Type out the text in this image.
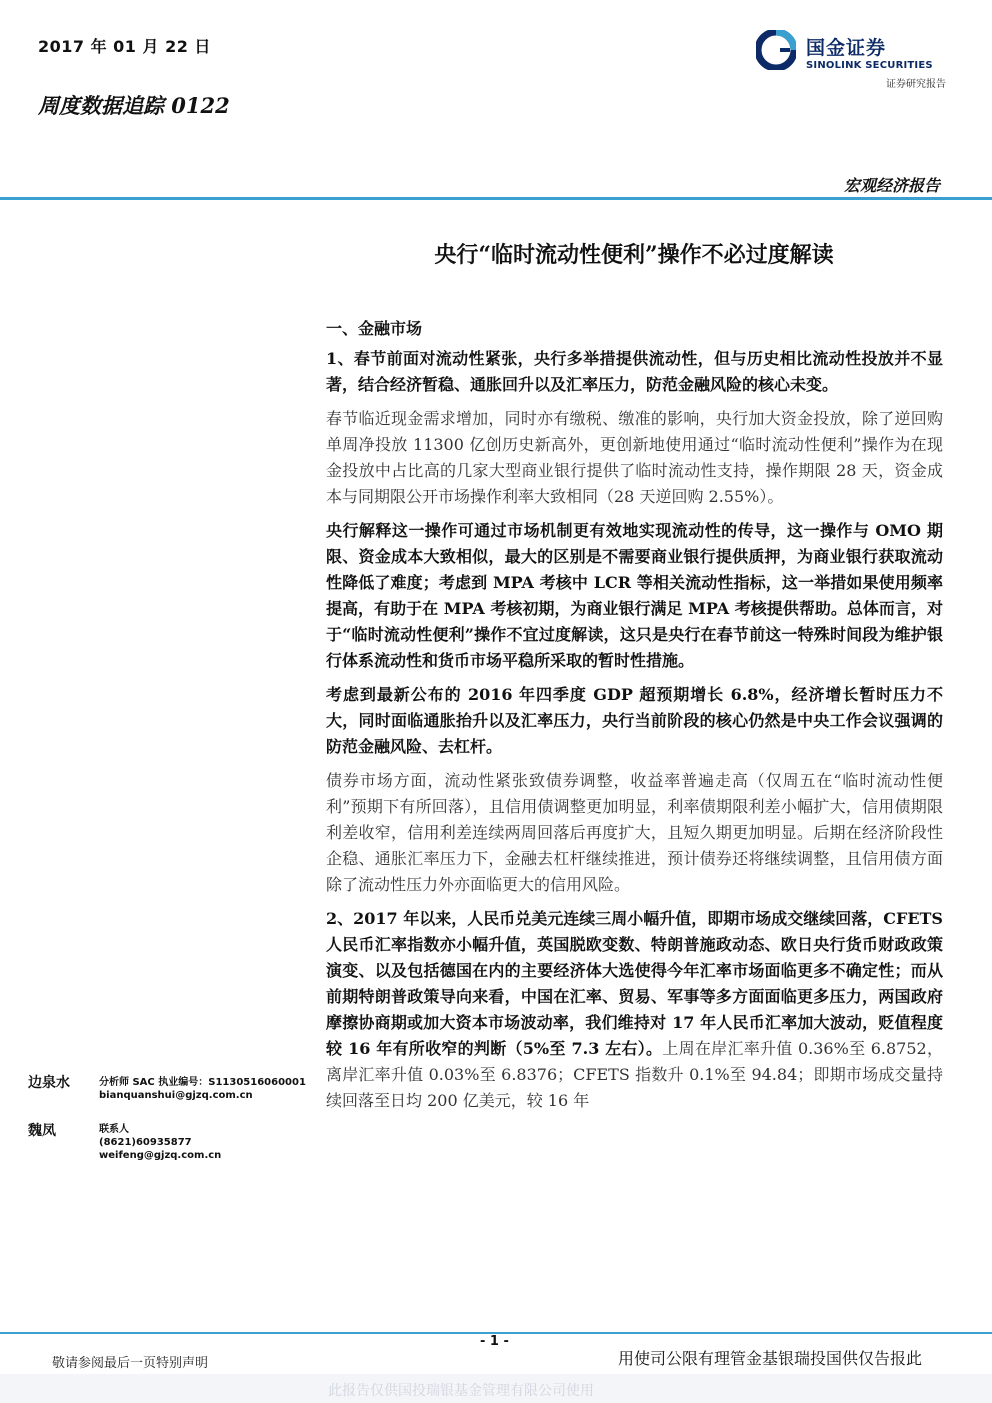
2017 年 01 月 22 日
周度数据追踪 0122
国金证券
SINOLINK SECURITIES
证券研究报告
宏观经济报告
央行“临时流动性便利”操作不必过度解读

一、金融市场

1、春节前面对流动性紧张，央行多举措提供流动性，但与历史相比流动性投放并不显著，结合经济暂稳、通胀回升以及汇率压力，防范金融风险的核心未变。

春节临近现金需求增加，同时亦有缴税、缴准的影响，央行加大资金投放，除了逆回购单周净投放 11300 亿创历史新高外，更创新地使用通过“临时流动性便利”操作为在现金投放中占比高的几家大型商业银行提供了临时流动性支持，操作期限 28 天，资金成本与同期限公开市场操作利率大致相同（28 天逆回购 2.55%）。

央行解释这一操作可通过市场机制更有效地实现流动性的传导，这一操作与 OMO 期限、资金成本大致相似，最大的区别是不需要商业银行提供质押，为商业银行获取流动性降低了难度；考虑到 MPA 考核中 LCR 等相关流动性指标，这一举措如果使用频率提高，有助于在 MPA 考核初期，为商业银行满足 MPA 考核提供帮助。总体而言，对于“临时流动性便利”操作不宜过度解读，这只是央行在春节前这一特殊时间段为维护银行体系流动性和货币市场平稳所采取的暂时性措施。

考虑到最新公布的 2016 年四季度 GDP 超预期增长 6.8%，经济增长暂时压力不大，同时面临通胀抬升以及汇率压力，央行当前阶段的核心仍然是中央工作会议强调的防范金融风险、去杠杆。

债券市场方面，流动性紧张致债券调整，收益率普遍走高（仅周五在“临时流动性便利”预期下有所回落），且信用债调整更加明显，利率债期限利差小幅扩大，信用债期限利差收窄，信用利差连续两周回落后再度扩大，且短久期更加明显。后期在经济阶段性企稳、通胀汇率压力下，金融去杠杆继续推进，预计债券还将继续调整，且信用债方面除了流动性压力外亦面临更大的信用风险。

2、2017 年以来，人民币兑美元连续三周小幅升值，即期市场成交继续回落，CFETS 人民币汇率指数亦小幅升值，英国脱欧变数、特朗普施政动态、欧日央行货币财政政策演变、以及包括德国在内的主要经济体大选使得今年汇率市场面临更多不确定性；而从前期特朗普政策导向来看，中国在汇率、贸易、军事等多方面面临更多压力，两国政府摩擦协商期或加大资本市场波动率，我们维持对 17 年人民币汇率加大波动，贬值程度较 16 年有所收窄的判断（5%至 7.3 左右）。上周在岸汇率升值 0.36%至 6.8752，离岸汇率升值 0.03%至 6.8376；CFETS 指数升 0.1%至 94.84；即期市场成交量持续回落至日均 200 亿美元，较 16 年

边泉水	分析师 SAC 执业编号：S1130516060001
bianquanshui@gjzq.com.cn
魏凤	联系人
(8621)60935877
weifeng@gjzq.com.cn
- 1 -
敬请参阅最后一页特别声明	用使司公限有理管金基银瑞投国供仅告报此
此报告仅供国投瑞银基金管理有限公司使用
